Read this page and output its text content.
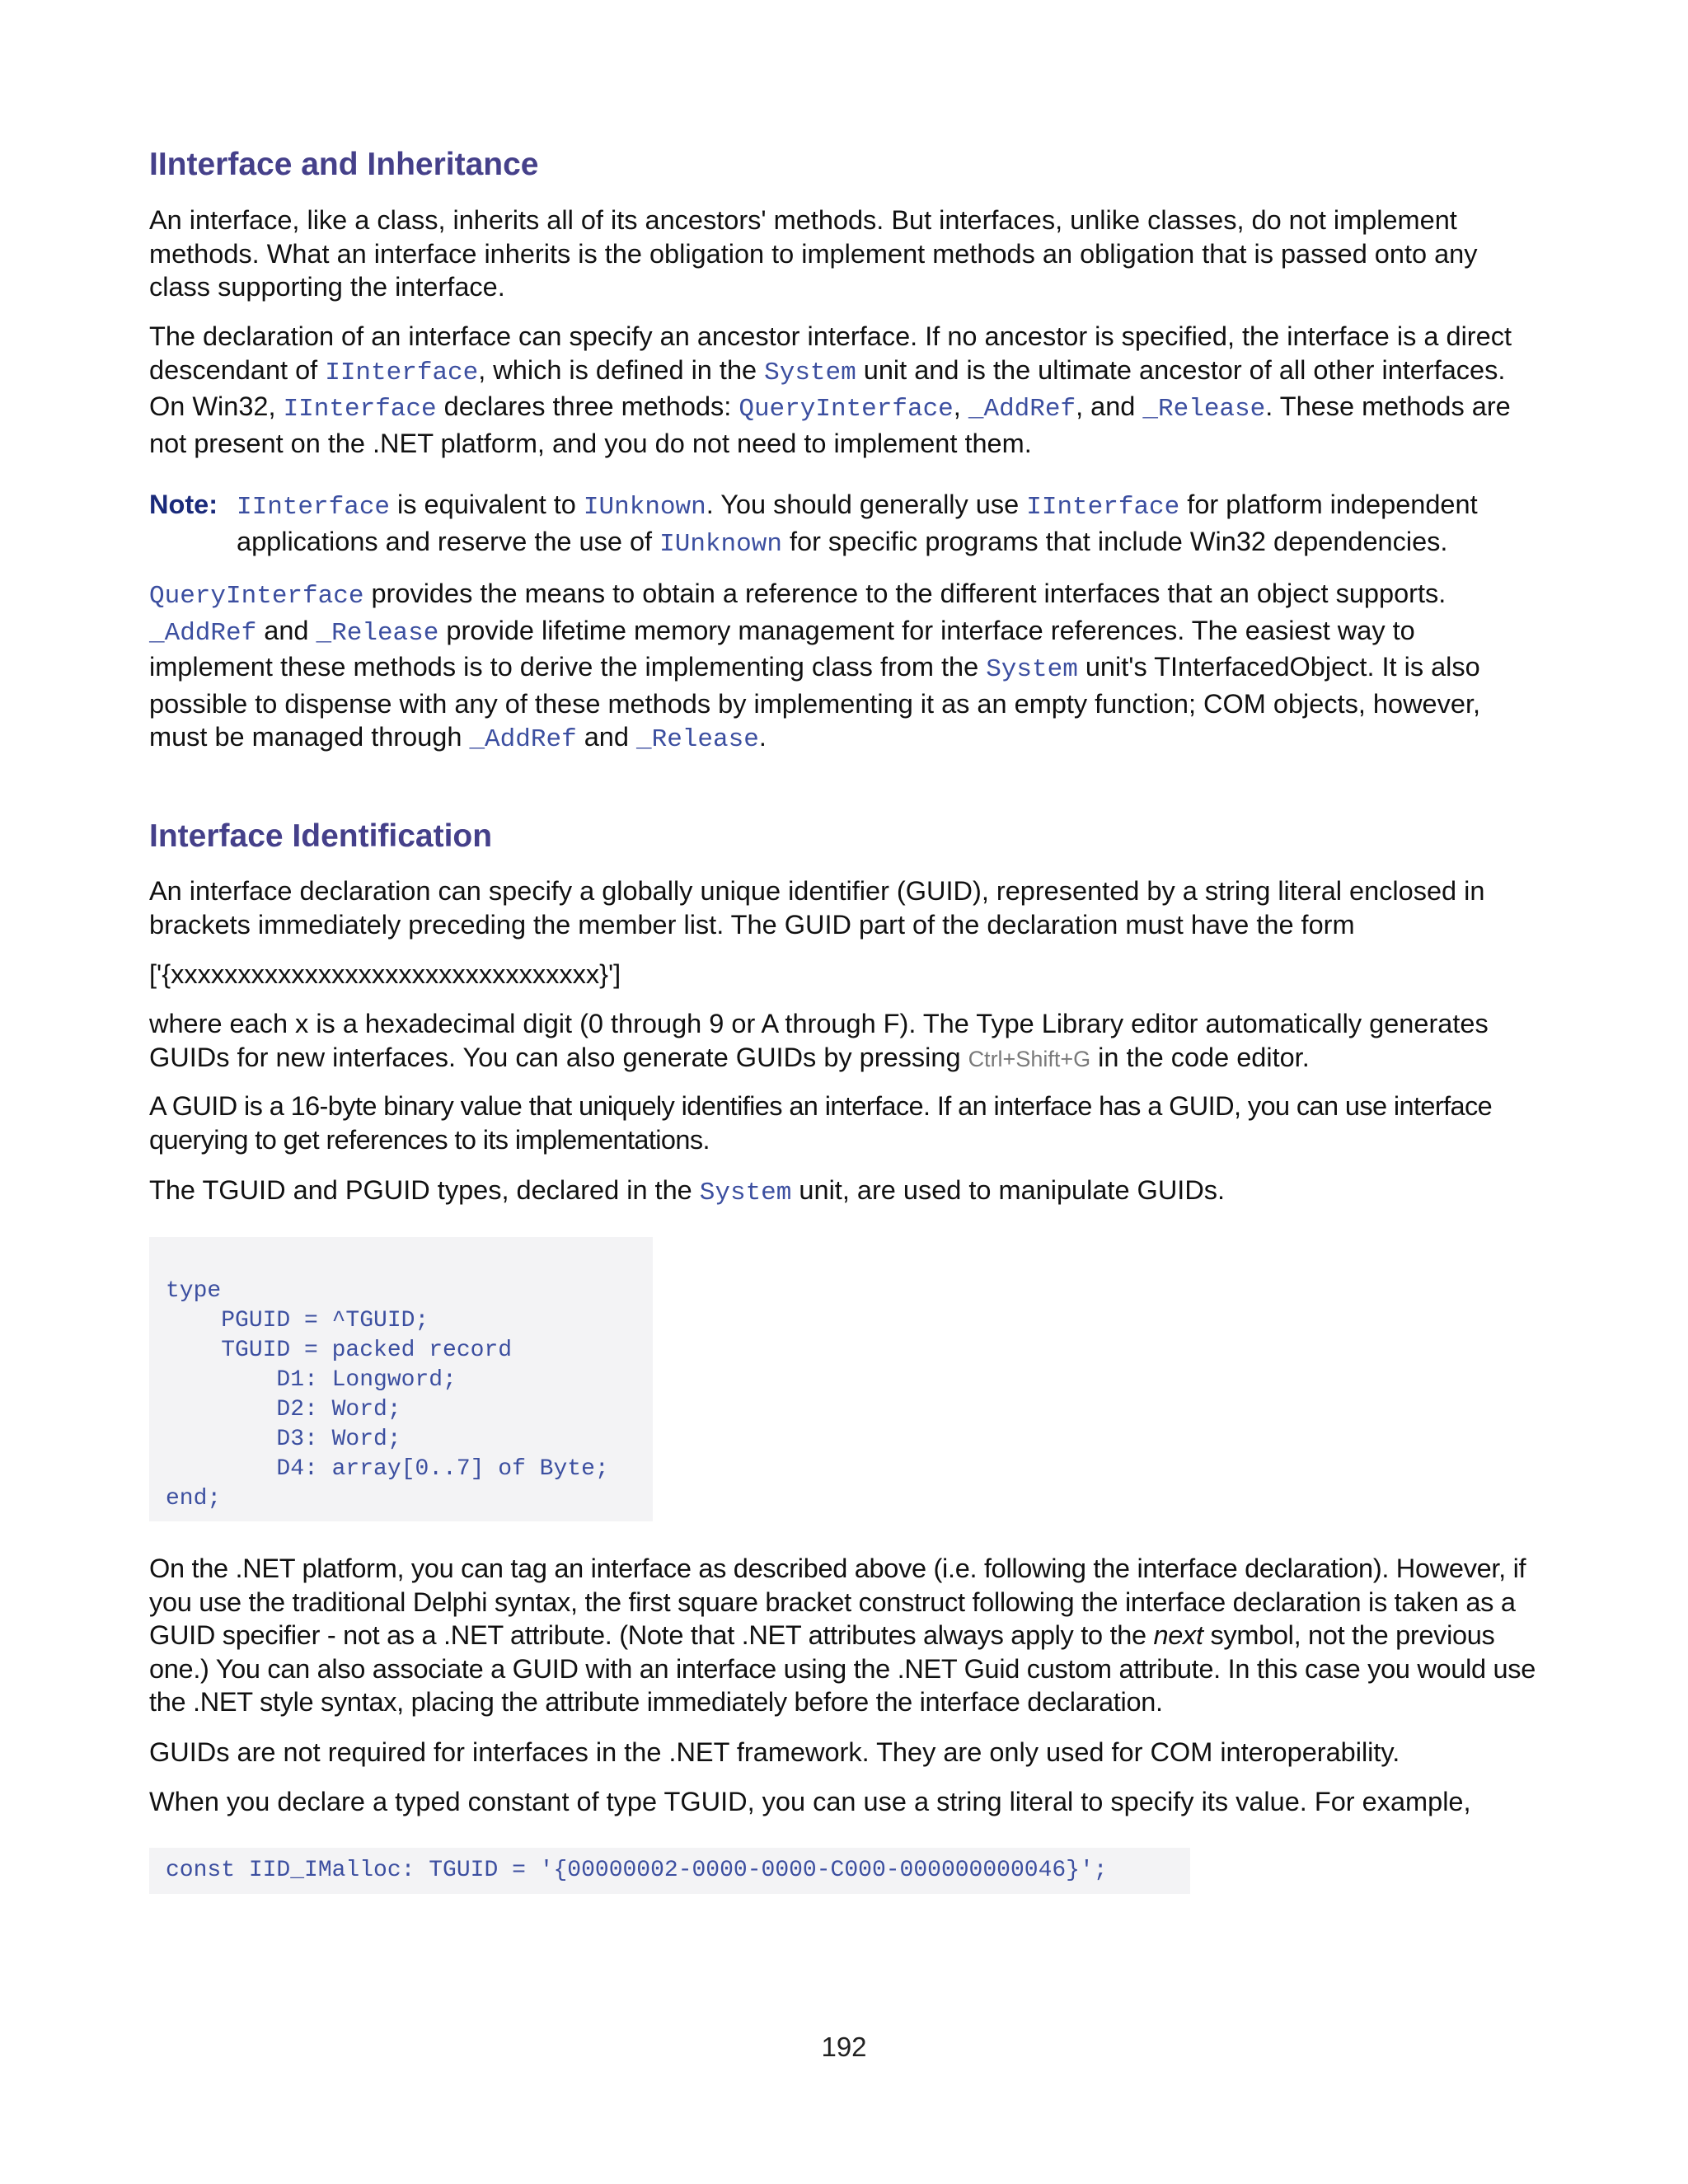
IInterface and Inheritance

An interface, like a class, inherits all of its ancestors' methods. But interfaces, unlike classes, do not implement methods. What an interface inherits is the obligation to implement methods an obligation that is passed onto any class supporting the interface.

The declaration of an interface can specify an ancestor interface. If no ancestor is specified, the interface is a direct descendant of IInterface, which is defined in the System unit and is the ultimate ancestor of all other interfaces. On Win32, IInterface declares three methods: QueryInterface, _AddRef, and _Release. These methods are not present on the .NET platform, and you do not need to implement them.

Note: IInterface is equivalent to IUnknown. You should generally use IInterface for platform independent applications and reserve the use of IUnknown for specific programs that include Win32 dependencies.

QueryInterface provides the means to obtain a reference to the different interfaces that an object supports. _AddRef and _Release provide lifetime memory management for interface references. The easiest way to implement these methods is to derive the implementing class from the System unit's TInterfacedObject. It is also possible to dispense with any of these methods by implementing it as an empty function; COM objects, however, must be managed through _AddRef and _Release.

Interface Identification

An interface declaration can specify a globally unique identifier (GUID), represented by a string literal enclosed in brackets immediately preceding the member list. The GUID part of the declaration must have the form

['{xxxxxxxxxxxxxxxxxxxxxxxxxxxxxxxx}']

where each x is a hexadecimal digit (0 through 9 or A through F). The Type Library editor automatically generates GUIDs for new interfaces. You can also generate GUIDs by pressing Ctrl+Shift+G in the code editor.

A GUID is a 16-byte binary value that uniquely identifies an interface. If an interface has a GUID, you can use interface querying to get references to its implementations.

The TGUID and PGUID types, declared in the System unit, are used to manipulate GUIDs.

type
PGUID = ^TGUID;
TGUID = packed record
D1: Longword;
D2: Word;
D3: Word;
D4: array[0..7] of Byte;
end;

On the .NET platform, you can tag an interface as described above (i.e. following the interface declaration). However, if you use the traditional Delphi syntax, the first square bracket construct following the interface declaration is taken as a GUID specifier - not as a .NET attribute. (Note that .NET attributes always apply to the next symbol, not the previous one.) You can also associate a GUID with an interface using the .NET Guid custom attribute. In this case you would use the .NET style syntax, placing the attribute immediately before the interface declaration.

GUIDs are not required for interfaces in the .NET framework. They are only used for COM interoperability.

When you declare a typed constant of type TGUID, you can use a string literal to specify its value. For example,

const IID_IMalloc: TGUID = '{00000002-0000-0000-C000-000000000046}';
192
